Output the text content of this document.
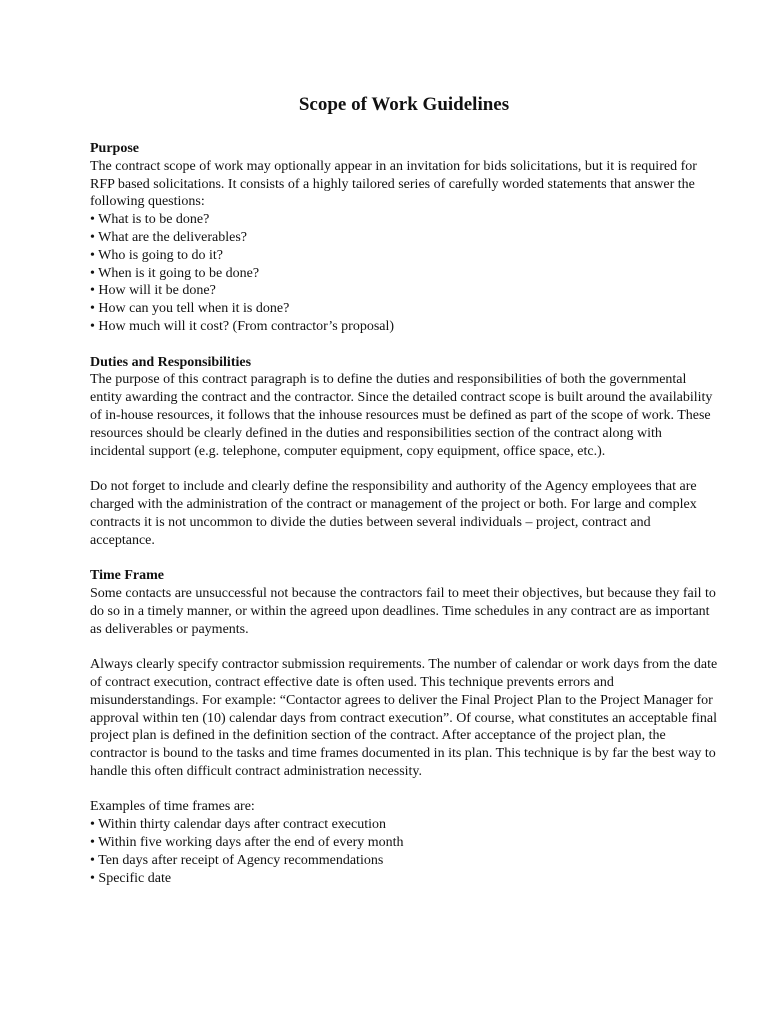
Scope of Work Guidelines

Purpose

The contract scope of work may optionally appear in an invitation for bids solicitations, but it is required for RFP based solicitations. It consists of a highly tailored series of carefully worded statements that answer the following questions:

• What is to be done?
• What are the deliverables?
• Who is going to do it?
• When is it going to be done?
• How will it be done?
• How can you tell when it is done?
• How much will it cost? (From contractor’s proposal)

Duties and Responsibilities

The purpose of this contract paragraph is to define the duties and responsibilities of both the governmental entity awarding the contract and the contractor. Since the detailed contract scope is built around the availability of in-house resources, it follows that the inhouse resources must be defined as part of the scope of work. These resources should be clearly defined in the duties and responsibilities section of the contract along with incidental support (e.g. telephone, computer equipment, copy equipment, office space, etc.).

Do not forget to include and clearly define the responsibility and authority of the Agency employees that are charged with the administration of the contract or management of the project or both. For large and complex contracts it is not uncommon to divide the duties between several individuals – project, contract and acceptance.

Time Frame

Some contacts are unsuccessful not because the contractors fail to meet their objectives, but because they fail to do so in a timely manner, or within the agreed upon deadlines. Time schedules in any contract are as important as deliverables or payments.

Always clearly specify contractor submission requirements. The number of calendar or work days from the date of contract execution, contract effective date is often used. This technique prevents errors and misunderstandings. For example: “Contactor agrees to deliver the Final Project Plan to the Project Manager for approval within ten (10) calendar days from contract execution”. Of course, what constitutes an acceptable final project plan is defined in the definition section of the contract. After acceptance of the project plan, the contractor is bound to the tasks and time frames documented in its plan. This technique is by far the best way to handle this often difficult contract administration necessity.

Examples of time frames are:

• Within thirty calendar days after contract execution
• Within five working days after the end of every month
• Ten days after receipt of Agency recommendations
• Specific date
